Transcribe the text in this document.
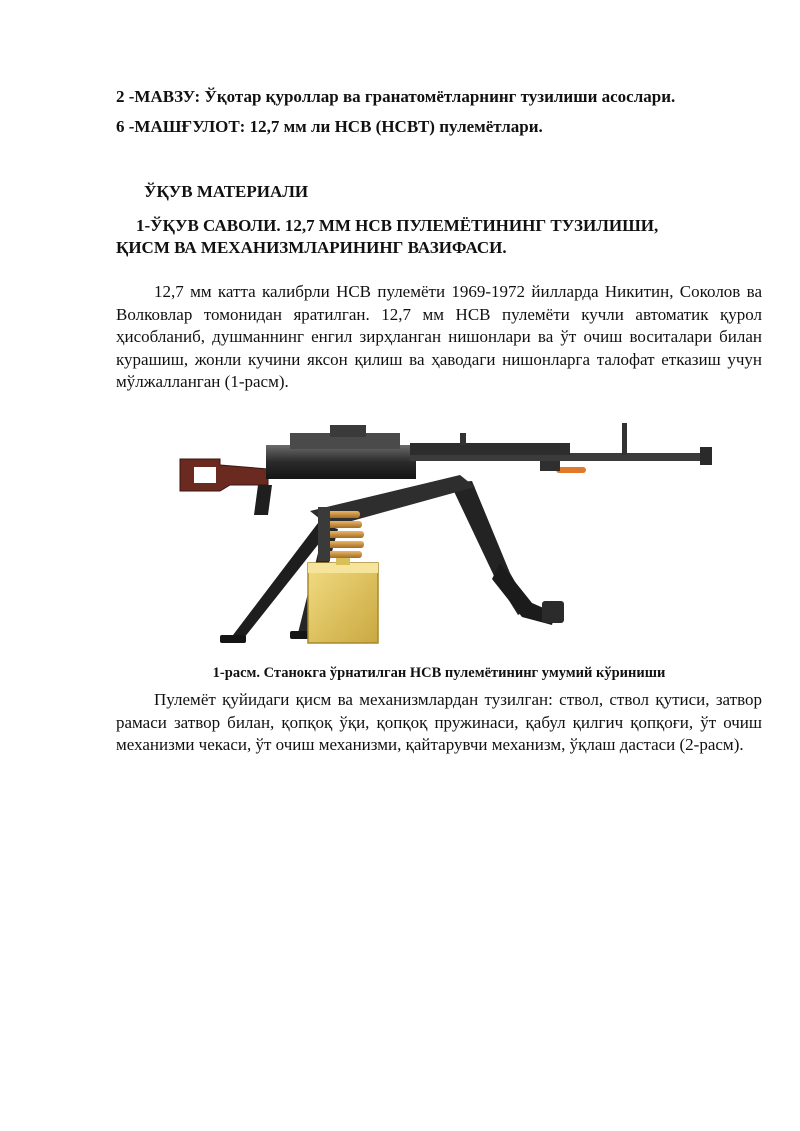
2 -МАВЗУ: Ўқотар қуроллар ва гранатомётларнинг тузилиши асослари.
6 -МАШҒУЛОТ: 12,7 мм ли НСВ (НСВТ) пулемётлари.
ЎҚУВ МАТЕРИАЛИ
1-ЎҚУВ САВОЛИ. 12,7 ММ НСВ ПУЛЕМЁТИНИНГ ТУЗИЛИШИ,
ҚИСМ ВА МЕХАНИЗМЛАРИНИНГ ВАЗИФАСИ.
12,7 мм катта калибрли НСВ пулемёти 1969-1972 йилларда Никитин, Соколов ва Волковлар томонидан яратилган. 12,7 мм НСВ пулемёти кучли автоматик қурол ҳисобланиб, душманнинг енгил зирҳланган нишонлари ва ўт очиш воситалари билан курашиш, жонли кучини яксон қилиш ва ҳаводаги нишонларга талофат етказиш учун мўлжалланган (1-расм).
1-расм. Станокга ўрнатилган НСВ пулемётининг умумий кўриниши
Пулемёт қуйидаги қисм ва механизмлардан тузилган: ствол, ствол қутиси, затвор рамаси затвор билан, қопқоқ ўқи, қопқоқ пружинаси, қабул қилгич қопқоғи, ўт очиш механизми чекаси, ўт очиш механизми, қайтарувчи механизм, ўқлаш дастаси (2-расм).
